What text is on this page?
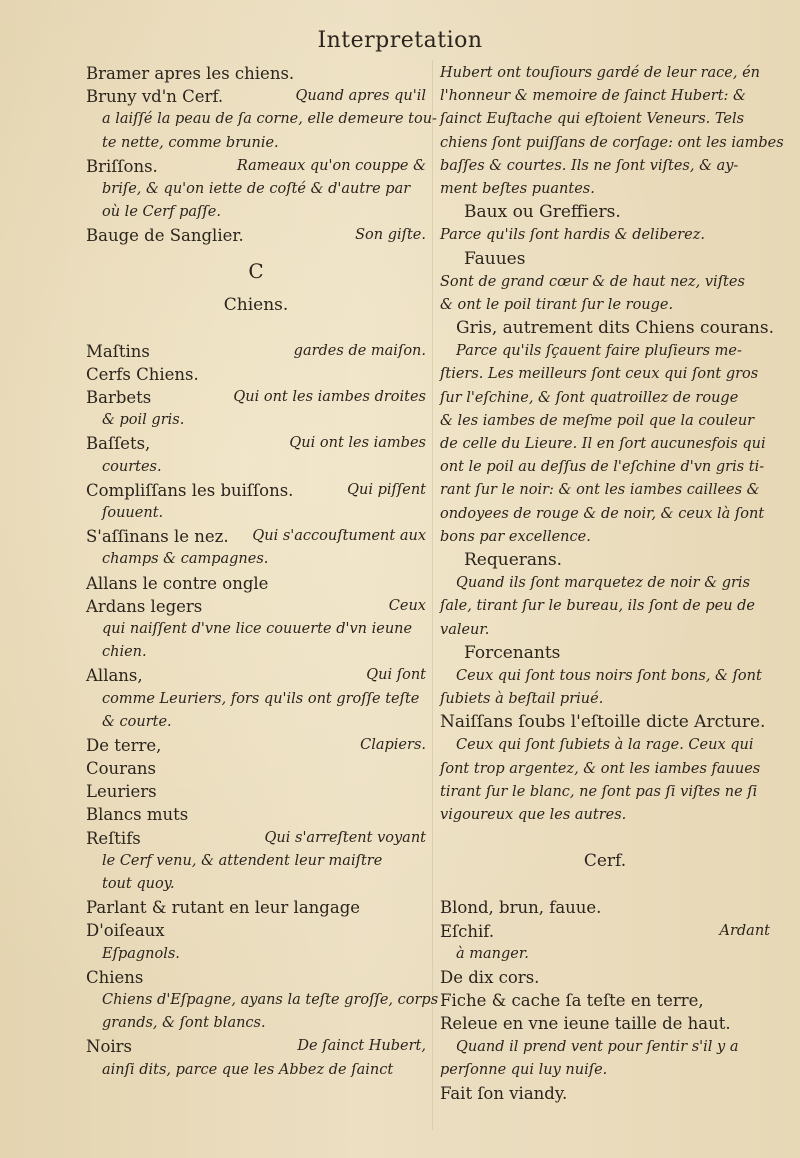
Interpretation
Bramer apres les chiens.
Bruny vd'n Cerf.	Quand apres qu'il
a laiſſé la peau de ſa corne, elle demeure tou-
te nette, comme brunie.
Briſſons.	Rameaux qu'on couppe &
briſe, & qu'on iette de coſté & d'autre par
où le Cerf paſſe.
Bauge de Sanglier.	Son giſte.
C
Chiens.
Maſtins	gardes de maiſon.
Cerfs Chiens.
Barbets	Qui ont les iambes droites
& poil gris.
Baſſets,	Qui ont les iambes
courtes.
Compliſſans les buiſſons.	Qui piſſent
ſouuent.
S'aſſinans le nez. Qui s'accouſtument aux
champs & campagnes.
Allans le contre ongle
Ardans legers	Ceux
qui naiſſent d'vne lice couuerte d'vn ieune
chien.
Allans,	Qui ſont
comme Leuriers, fors qu'ils ont groſſe teſte
& courte.
De terre,	Clapiers.
Courans
Leuriers
Blancs muts
Reſtifs	Qui s'arreſtent voyant
le Cerf venu, & attendent leur maiſtre
tout quoy.
Parlant & rutant en leur langage
D'oiſeaux
Eſpagnols.
Chiens
Chiens d'Eſpagne, ayans la teſte groſſe, corps
grands, & ſont blancs.
Noirs	De ſainct Hubert,
ainſi dits, parce que les Abbez de ſainct
Hubert ont touſiours gardé de leur race, én
l'honneur & memoire de ſainct Hubert: &
ſainct Euſtache qui eſtoient Veneurs. Tels
chiens ſont puiſſans de corſage: ont les iambes
baſſes & courtes. Ils ne ſont viſtes, & ay-
ment beſtes puantes.
Baux ou Greffiers.
Parce qu'ils ſont hardis & deliberez.
Fauues
Sont de grand cœur & de haut nez, viſtes
& ont le poil tirant ſur le rouge.
Gris, autrement dits Chiens courans.
Parce qu'ils ſçauent faire pluſieurs me-
ſtiers. Les meilleurs ſont ceux qui ſont gros
ſur l'eſchine, & ſont quatroillez de rouge
& les iambes de meſme poil que la couleur
de celle du Lieure. Il en ſort aucunesfois qui
ont le poil au deſſus de l'eſchine d'vn gris ti-
rant ſur le noir: & ont les iambes caillees &
ondoyees de rouge & de noir, & ceux là ſont
bons par excellence.
Requerans.
Quand ils ſont marquetez de noir & gris
ſale, tirant ſur le bureau, ils ſont de peu de
valeur.
Forcenants
Ceux qui ſont tous noirs ſont bons, & ſont
ſubiets à beſtail priué.
Naiſſans ſoubs l'eſtoille dicte Arcture.
Ceux qui ſont ſubiets à la rage. Ceux qui
ſont trop argentez, & ont les iambes fauues
tirant ſur le blanc, ne ſont pas ſi viſtes ne ſi
vigoureux que les autres.
Cerf.
Blond, brun, fauue.
Eſchif.	Ardant
à manger.
De dix cors.
Fiche & cache ſa teſte en terre,
Releue en vne ieune taille de haut.
Quand il prend vent pour ſentir s'il y a
perſonne qui luy nuiſe.
Fait ſon viandy.
